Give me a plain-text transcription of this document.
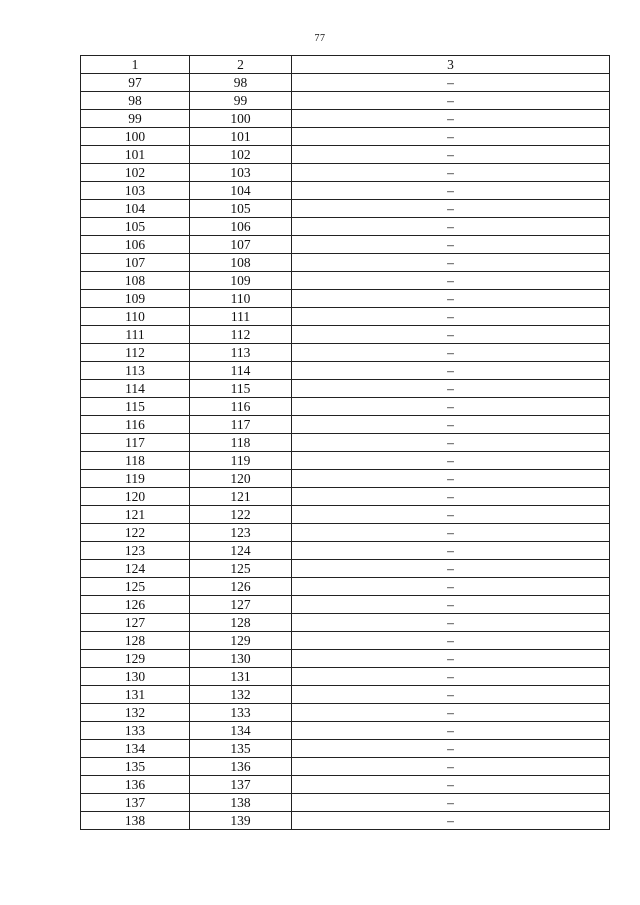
77
1	2	3
97	98	–
98	99	–
99	100	–
100	101	–
101	102	–
102	103	–
103	104	–
104	105	–
105	106	–
106	107	–
107	108	–
108	109	–
109	110	–
110	111	–
111	112	–
112	113	–
113	114	–
114	115	–
115	116	–
116	117	–
117	118	–
118	119	–
119	120	–
120	121	–
121	122	–
122	123	–
123	124	–
124	125	–
125	126	–
126	127	–
127	128	–
128	129	–
129	130	–
130	131	–
131	132	–
132	133	–
133	134	–
134	135	–
135	136	–
136	137	–
137	138	–
138	139	–
